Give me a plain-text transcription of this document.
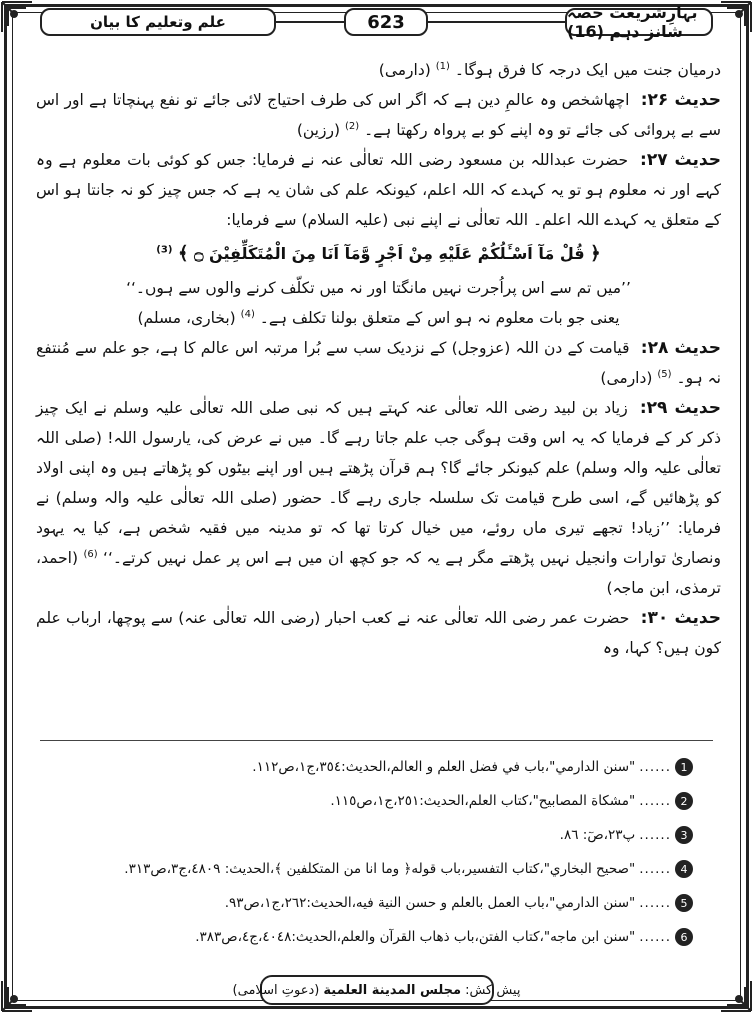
بہارِشریعت حصہ شانز دہم (16)
623
علم وتعلیم کا بیان

درمیان جنت میں ایک درجہ کا فرق ہوگا۔ $^{(1)}$ (دارمی)

حدیث ۲۶: اچھاشخص وہ عالمِ دین ہے کہ اگر اس کی طرف احتیاج لائی جائے تو نفع پہنچاتا ہے اور اس سے بے پروائی کی جائے تو وہ اپنے کو بے پرواہ رکھتا ہے۔ $^{(2)}$ (رزین)

حدیث ۲۷: حضرت عبداللہ بن مسعود رضی اللہ تعالٰی عنہ نے فرمایا: جس کو کوئی بات معلوم ہے وہ کہے اور نہ معلوم ہو تو یہ کہدے کہ اللہ اعلم، کیونکہ علم کی شان یہ ہے کہ جس چیز کو نہ جانتا ہو اس کے متعلق یہ کہدے اللہ اعلم۔ اللہ تعالٰی نے اپنے نبی (علیہ السلام) سے فرمایا:

﴿ قُلْ مَآ اَسْـَٔلُكُمْ عَلَيْهِ مِنْ اَجْرٍ وَّمَآ اَنَا مِنَ الْمُتَكَلِّفِيْنَ ۝ ﴾ $^{(3)}$

’’میں تم سے اس پراُجرت نہیں مانگتا اور نہ میں تکلّف کرنے والوں سے ہوں۔‘‘

یعنی جو بات معلوم نہ ہو اس کے متعلق بولنا تکلف ہے۔ $^{(4)}$ (بخاری، مسلم)

حدیث ۲۸: قیامت کے دن اللہ (عزوجل) کے نزدیک سب سے بُرا مرتبہ اس عالم کا ہے، جو علم سے مُنتفع نہ ہو۔ $^{(5)}$ (دارمی)

حدیث ۲۹: زیاد بن لبید رضی اللہ تعالٰی عنہ کہتے ہیں کہ نبی صلی اللہ تعالٰی علیہ وسلم نے ایک چیز ذکر کر کے فرمایا کہ یہ اس وقت ہوگی جب علم جاتا رہے گا۔ میں نے عرض کی، یارسول اللہ! (صلی اللہ تعالٰی علیہ والہ وسلم) علم کیونکر جائے گا؟ ہم قرآن پڑھتے ہیں اور اپنے بیٹوں کو پڑھاتے ہیں وہ اپنی اولاد کو پڑھائیں گے، اسی طرح قیامت تک سلسلہ جاری رہے گا۔ حضور (صلی اللہ تعالٰی علیہ والہ وسلم) نے فرمایا: ’’زیاد! تجھے تیری ماں روئے، میں خیال کرتا تھا کہ تو مدینہ میں فقیہ شخص ہے، کیا یہ یہود ونصاریٰ توارات وانجیل نہیں پڑھتے مگر ہے یہ کہ جو کچھ ان میں ہے اس پر عمل نہیں کرتے۔‘‘ $^{(6)}$ (احمد، ترمذی، ابن ماجہ)

حدیث ۳۰: حضرت عمر رضی اللہ تعالٰی عنہ نے کعب احبار (رضی اللہ تعالٰی عنہ) سے پوچھا، ارباب علم کون ہیں؟ کہا، وہ

1
......
"سنن الدارمي"،باب في فضل العلم و العالم،الحديث:٣٥٤،ج١،ص١١٢.
2
......
"مشكاة المصابيح"،كتاب العلم،الحديث:٢٥١،ج١،ص١١٥.
3
......
پ٢٣،صٓ: ٨٦.
4
......
"صحيح البخاري"،كتاب التفسير،باب قوله﴿ وما انا من المتكلفين ﴾،الحديث: ٤٨٠٩،ج٣،ص٣١٣.
5
......
"سنن الدارمي"،باب العمل بالعلم و حسن النية فيه،الحديث:٢٦٢،ج١،ص٩٣.
6
......
"سنن ابن ماجه"،كتاب الفتن،باب ذهاب القرآن والعلم،الحديث:٤٠٤٨،ج٤،ص٣٨٣.
پیش کش:
مجلس المدينة العلمية
(دعوتِ اسلامی)
